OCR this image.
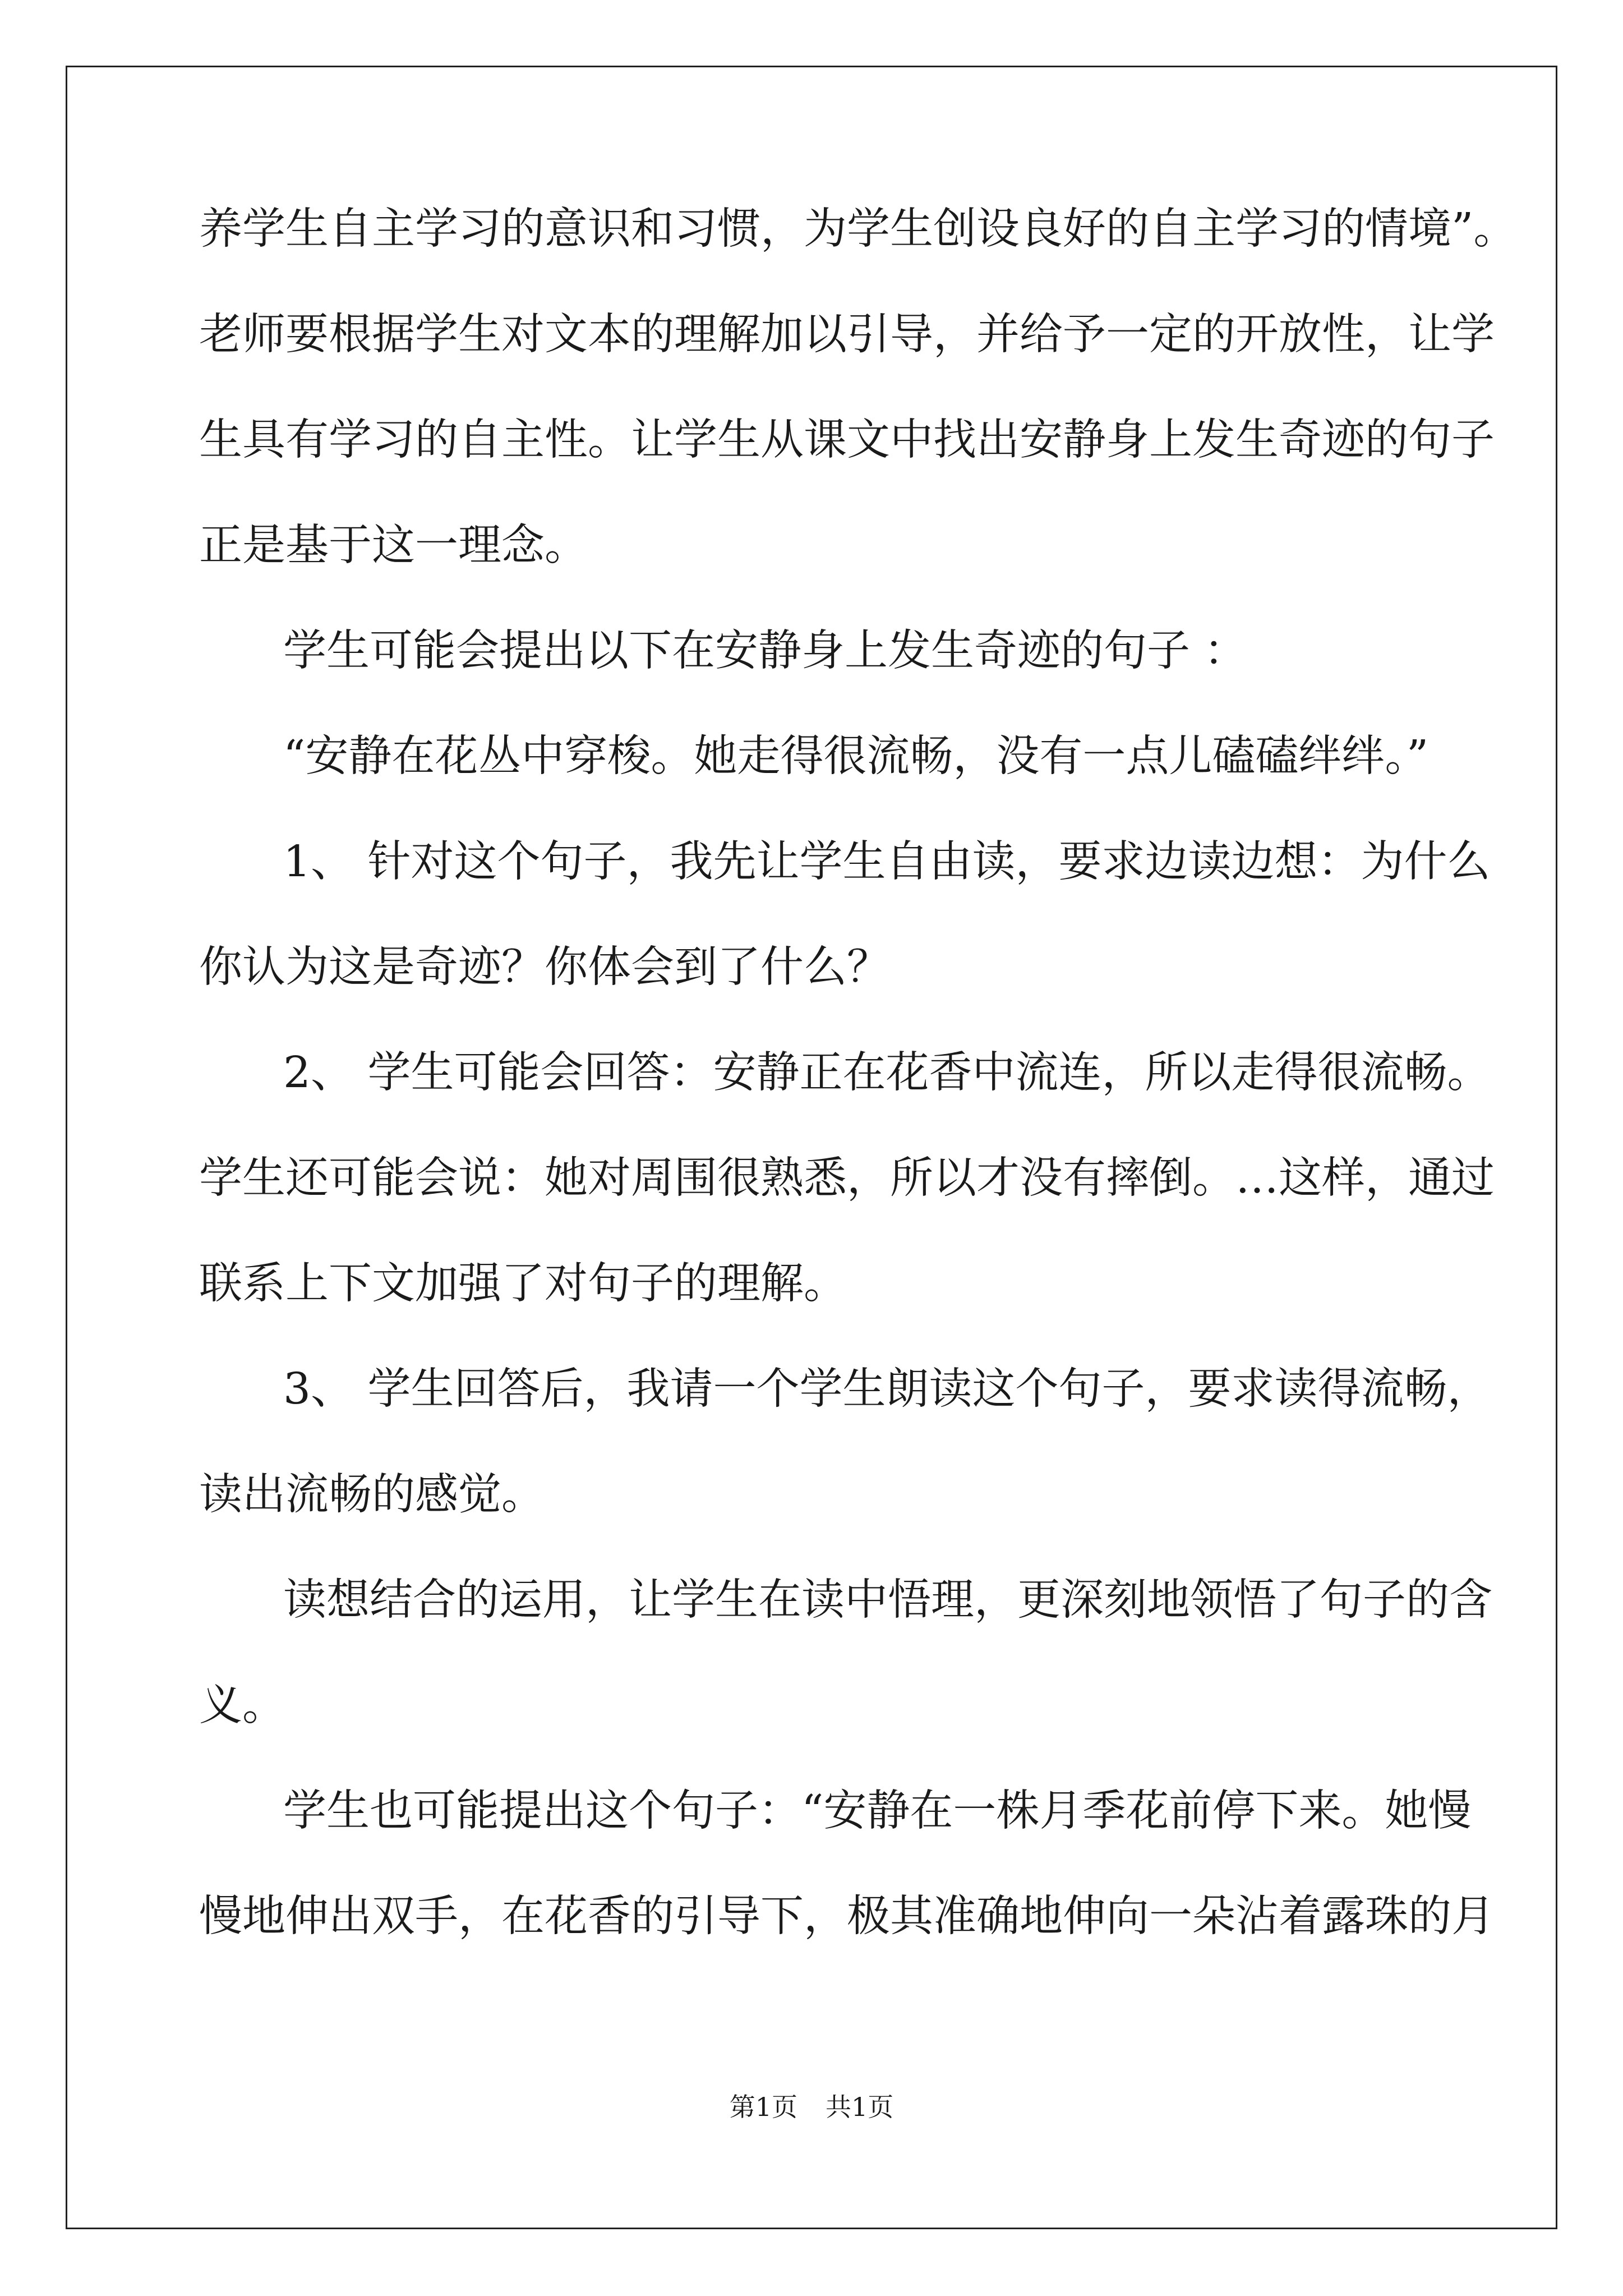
养学生自主学习的意识和习惯，为学生创设良好的自主学习的情境”。
老师要根据学生对文本的理解加以引导，并给予一定的开放性，让学
生具有学习的自主性。让学生从课文中找出安静身上发生奇迹的句子
正是基于这一理念。
学生可能会提出以下在安静身上发生奇迹的句子 ：
“安静在花丛中穿梭。她走得很流畅，没有一点儿磕磕绊绊。”
1、 针对这个句子，我先让学生自由读，要求边读边想：为什么
你认为这是奇迹？你体会到了什么？
2、 学生可能会回答：安静正在花香中流连，所以走得很流畅。
学生还可能会说：她对周围很熟悉，所以才没有摔倒。…这样，通过
联系上下文加强了对句子的理解。
3、 学生回答后，我请一个学生朗读这个句子，要求读得流畅，
读出流畅的感觉。
读想结合的运用，让学生在读中悟理，更深刻地领悟了句子的含
义。
学生也可能提出这个句子：“安静在一株月季花前停下来。她慢
慢地伸出双手，在花香的引导下，极其准确地伸向一朵沾着露珠的月
第1页 共1页
